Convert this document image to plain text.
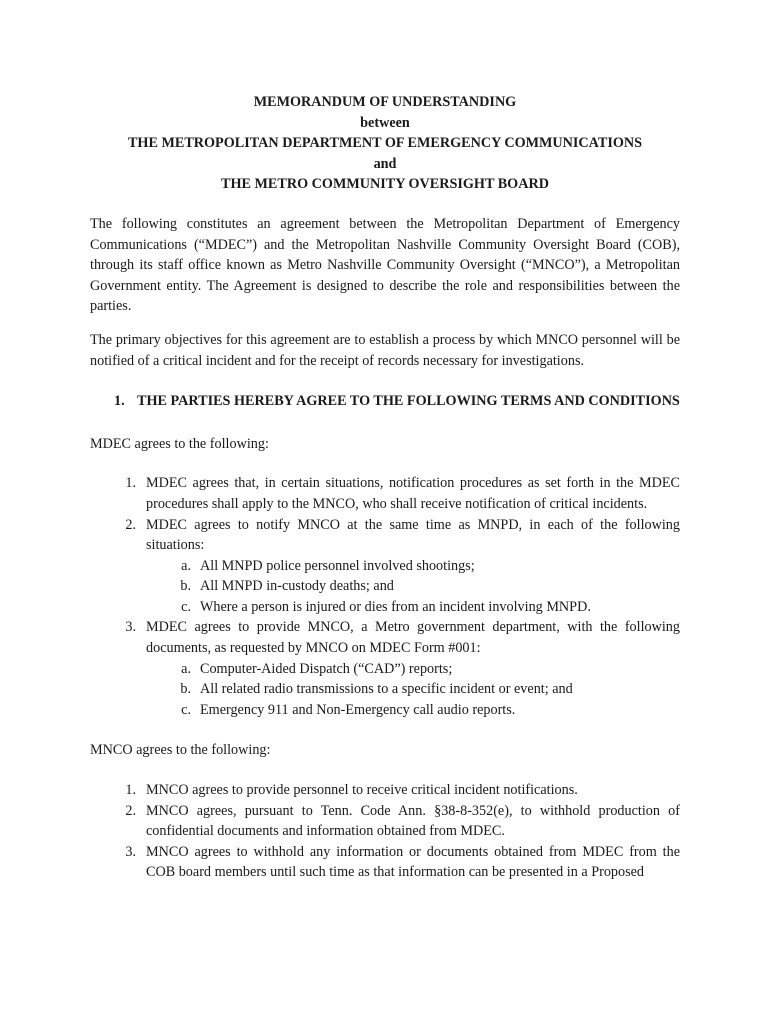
MEMORANDUM OF UNDERSTANDING

between

THE METROPOLITAN DEPARTMENT OF EMERGENCY COMMUNICATIONS

and

THE METRO COMMUNITY OVERSIGHT BOARD

The following constitutes an agreement between the Metropolitan Department of Emergency Communications (“MDEC”) and the Metropolitan Nashville Community Oversight Board (COB), through its staff office known as Metro Nashville Community Oversight (“MNCO”), a Metropolitan Government entity. The Agreement is designed to describe the role and responsibilities between the parties.

The primary objectives for this agreement are to establish a process by which MNCO personnel will be notified of a critical incident and for the receipt of records necessary for investigations.

1. THE PARTIES HEREBY AGREE TO THE FOLLOWING TERMS AND CONDITIONS

MDEC agrees to the following:

1. MDEC agrees that, in certain situations, notification procedures as set forth in the MDEC procedures shall apply to the MNCO, who shall receive notification of critical incidents.
2. MDEC agrees to notify MNCO at the same time as MNPD, in each of the following situations:
a. All MNPD police personnel involved shootings;
b. All MNPD in-custody deaths; and
c. Where a person is injured or dies from an incident involving MNPD.
3. MDEC agrees to provide MNCO, a Metro government department, with the following documents, as requested by MNCO on MDEC Form #001:
a. Computer-Aided Dispatch (“CAD”) reports;
b. All related radio transmissions to a specific incident or event; and
c. Emergency 911 and Non-Emergency call audio reports.

MNCO agrees to the following:

1. MNCO agrees to provide personnel to receive critical incident notifications.
2. MNCO agrees, pursuant to Tenn. Code Ann. §38-8-352(e), to withhold production of confidential documents and information obtained from MDEC.
3. MNCO agrees to withhold any information or documents obtained from MDEC from the COB board members until such time as that information can be presented in a Proposed
